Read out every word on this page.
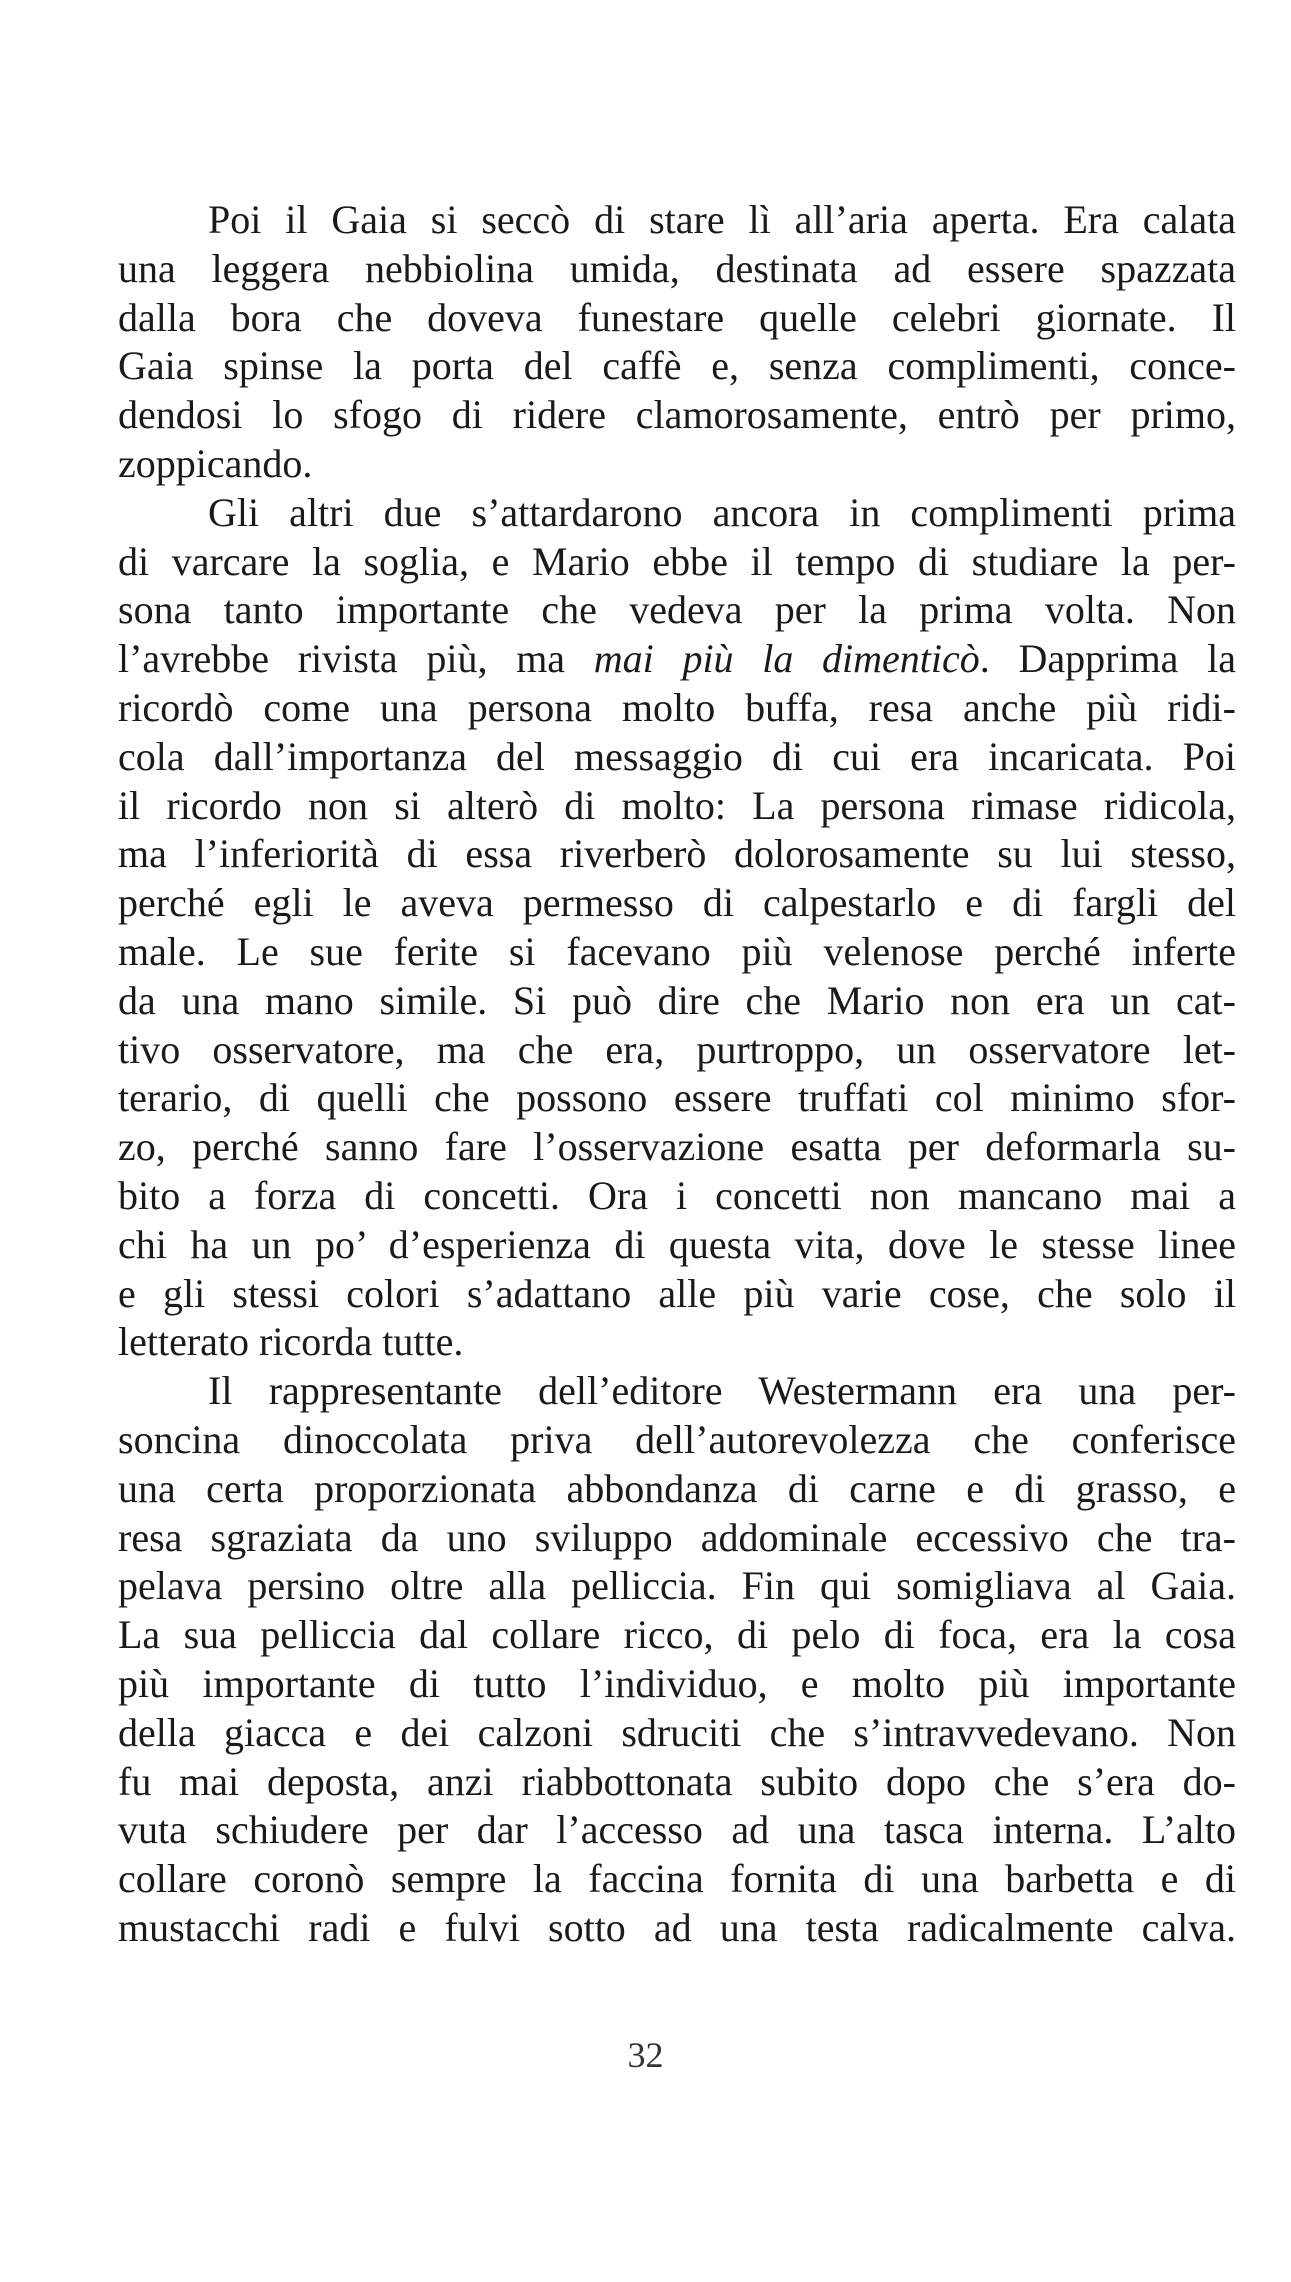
Poi il Gaia si seccò di stare lì all’aria aperta. Era calata
una leggera nebbiolina umida, destinata ad essere spazzata
dalla bora che doveva funestare quelle celebri giornate. Il
Gaia spinse la porta del caffè e, senza complimenti, conce-
dendosi lo sfogo di ridere clamorosamente, entrò per primo,
zoppicando.

Gli altri due s’attardarono ancora in complimenti prima
di varcare la soglia, e Mario ebbe il tempo di studiare la per-
sona tanto importante che vedeva per la prima volta. Non
l’avrebbe rivista più, ma mai più la dimenticò. Dapprima la
ricordò come una persona molto buffa, resa anche più ridi-
cola dall’importanza del messaggio di cui era incaricata. Poi
il ricordo non si alterò di molto: La persona rimase ridicola,
ma l’inferiorità di essa riverberò dolorosamente su lui stesso,
perché egli le aveva permesso di calpestarlo e di fargli del
male. Le sue ferite si facevano più velenose perché inferte
da una mano simile. Si può dire che Mario non era un cat-
tivo osservatore, ma che era, purtroppo, un osservatore let-
terario, di quelli che possono essere truffati col minimo sfor-
zo, perché sanno fare l’osservazione esatta per deformarla su-
bito a forza di concetti. Ora i concetti non mancano mai a
chi ha un po’ d’esperienza di questa vita, dove le stesse linee
e gli stessi colori s’adattano alle più varie cose, che solo il
letterato ricorda tutte.

Il rappresentante dell’editore Westermann era una per-
soncina dinoccolata priva dell’autorevolezza che conferisce
una certa proporzionata abbondanza di carne e di grasso, e
resa sgraziata da uno sviluppo addominale eccessivo che tra-
pelava persino oltre alla pelliccia. Fin qui somigliava al Gaia.
La sua pelliccia dal collare ricco, di pelo di foca, era la cosa
più importante di tutto l’individuo, e molto più importante
della giacca e dei calzoni sdruciti che s’intravvedevano. Non
fu mai deposta, anzi riabbottonata subito dopo che s’era do-
vuta schiudere per dar l’accesso ad una tasca interna. L’alto
collare coronò sempre la faccina fornita di una barbetta e di
mustacchi radi e fulvi sotto ad una testa radicalmente calva.

32
